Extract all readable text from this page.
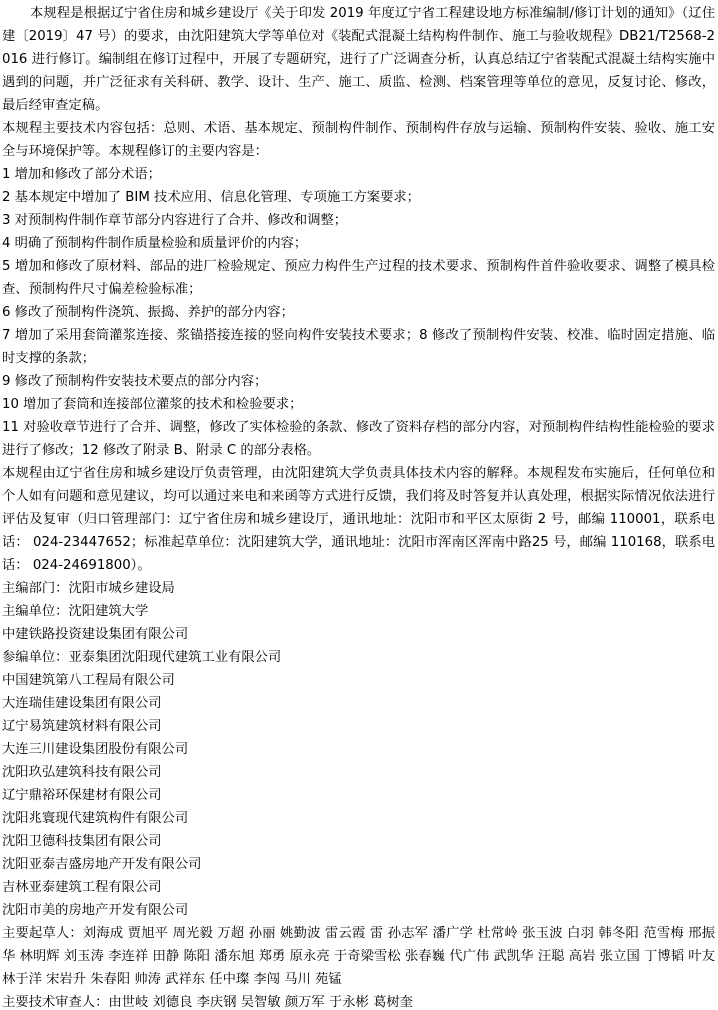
本规程是根据辽宁省住房和城乡建设厅《关于印发 2019 年度辽宁省工程建设地方标准编制/修订计划的通知》（辽住建〔2019〕47 号）的要求，由沈阳建筑大学等单位对《装配式混凝土结构构件制作、施工与验收规程》DB21/T2568-2016 进行修订。编制组在修订过程中，开展了专题研究，进行了广泛调查分析，认真总结辽宁省装配式混凝土结构实施中遇到的问题，并广泛征求有关科研、教学、设计、生产、施工、质监、检测、档案管理等单位的意见，反复讨论、修改，最后经审查定稿。

本规程主要技术内容包括：总则、术语、基本规定、预制构件制作、预制构件存放与运输、预制构件安装、验收、施工安全与环境保护等。本规程修订的主要内容是：

1 增加和修改了部分术语；

2 基本规定中增加了 BIM 技术应用、信息化管理、专项施工方案要求；

3 对预制构件制作章节部分内容进行了合并、修改和调整；

4 明确了预制构件制作质量检验和质量评价的内容；

5 增加和修改了原材料、部品的进厂检验规定、预应力构件生产过程的技术要求、预制构件首件验收要求、调整了模具检查、预制构件尺寸偏差检验标准；

6 修改了预制构件浇筑、振捣、养护的部分内容；

7 增加了采用套筒灌浆连接、浆锚搭接连接的竖向构件安装技术要求；8 修改了预制构件安装、校准、临时固定措施、临时支撑的条款；

9 修改了预制构件安装技术要点的部分内容；

10 增加了套筒和连接部位灌浆的技术和检验要求；

11 对验收章节进行了合并、调整，修改了实体检验的条款、修改了资料存档的部分内容，对预制构件结构性能检验的要求进行了修改；12 修改了附录 B、附录 C 的部分表格。

本规程由辽宁省住房和城乡建设厅负责管理，由沈阳建筑大学负责具体技术内容的解释。本规程发布实施后，任何单位和个人如有问题和意见建议，均可以通过来电和来函等方式进行反馈，我们将及时答复并认真处理，根据实际情况依法进行评估及复审（归口管理部门：辽宁省住房和城乡建设厅，通讯地址：沈阳市和平区太原街 2 号，邮编 110001，联系电话： 024-23447652；标准起草单位：沈阳建筑大学，通讯地址：沈阳市浑南区浑南中路25 号，邮编 110168，联系电话： 024-24691800）。

主编部门：沈阳市城乡建设局

主编单位：沈阳建筑大学

中建铁路投资建设集团有限公司

参编单位：亚泰集团沈阳现代建筑工业有限公司

中国建筑第八工程局有限公司

大连瑞佳建设集团有限公司

辽宁易筑建筑材料有限公司

大连三川建设集团股份有限公司

沈阳玖弘建筑科技有限公司

辽宁鼎裕环保建材有限公司

沈阳兆寰现代建筑构件有限公司

沈阳卫德科技集团有限公司

沈阳亚泰吉盛房地产开发有限公司

吉林亚泰建筑工程有限公司

沈阳市美的房地产开发有限公司

主要起草人：刘海成 贾旭平 周光毅 万超 孙丽 姚勤波 雷云霞 雷 孙志军 潘广学 杜常岭 张玉波 白羽 韩冬阳 范雪梅 邢振华 林明辉 刘玉涛 李连祥 田静 陈阳 潘东旭 郑勇 原永亮 于奇梁雪松 张春巍 代广伟 武凯华 汪聪 高岩 张立国 丁博韬 叶友林于洋 宋岩升 朱春阳 帅涛 武祥东 任中璨 李闯 马川 苑锰

主要技术审查人：由世岐 刘德良 李庆钢 吴智敏 颜万军 于永彬 葛树奎
